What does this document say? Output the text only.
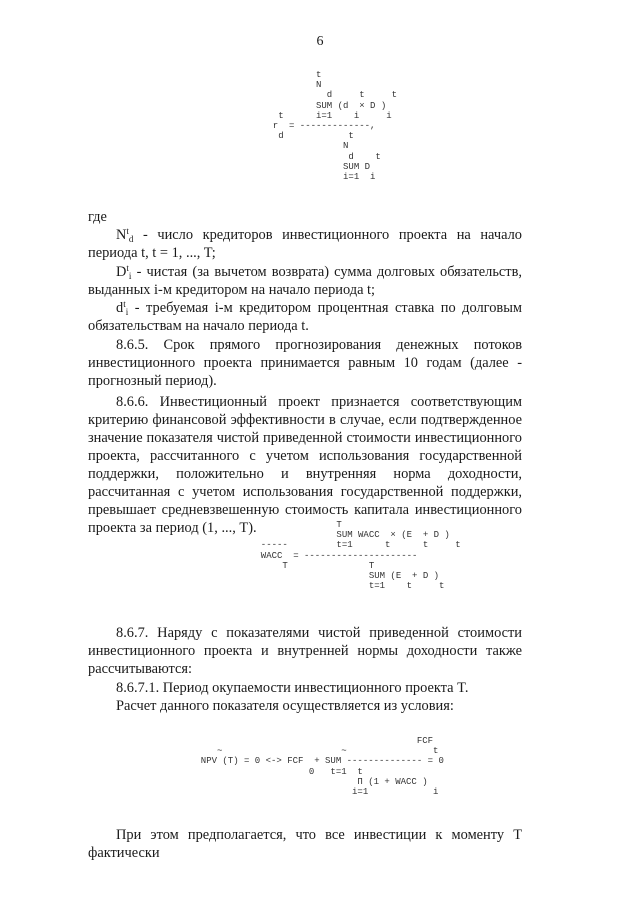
6
t
N
d     t     t
SUM (d  × D )
t      i=1    i     i
r  = -------------,
d            t
N
d    t
SUM D
i=1  i
где
$N^t_d$ - число кредиторов инвестиционного проекта на начало периода t, t = 1, ..., T;
$D^t_i$ - чистая (за вычетом возврата) сумма долговых обязательств, выданных i-м кредитором на начало периода t;
$d^t_i$ - требуемая i-м кредитором процентная ставка по долговым обязательствам на начало периода t.
8.6.5. Срок прямого прогнозирования денежных потоков инвестиционного проекта принимается равным 10 годам (далее - прогнозный период).
8.6.6. Инвестиционный проект признается соответствующим критерию финансовой эффективности в случае, если подтвержденное значение показателя чистой приведенной стоимости инвестиционного проекта, рассчитанного с учетом использования государственной поддержки, положительно и внутренняя норма доходности, рассчитанная с учетом использования государственной поддержки, превышает средневзвешенную стоимость капитала инвестиционного проекта за период (1, ..., T).	T
SUM WACC  × (E  + D )
-----         t=1      t      t     t
WACC  = ---------------------
T               T
SUM (E  + D )
t=1    t     t
8.6.7. Наряду с показателями чистой приведенной стоимости инвестиционного проекта и внутренней нормы доходности также рассчитываются:
8.6.7.1. Период окупаемости инвестиционного проекта T.
Расчет данного показателя осуществляется из условия:
FCF
~                      ~                t
NPV (T) = 0 <-> FCF  + SUM -------------- = 0
0   t=1  t
Π (1 + WACC )
i=1            i
При этом предполагается, что все инвестиции к моменту T фактически
